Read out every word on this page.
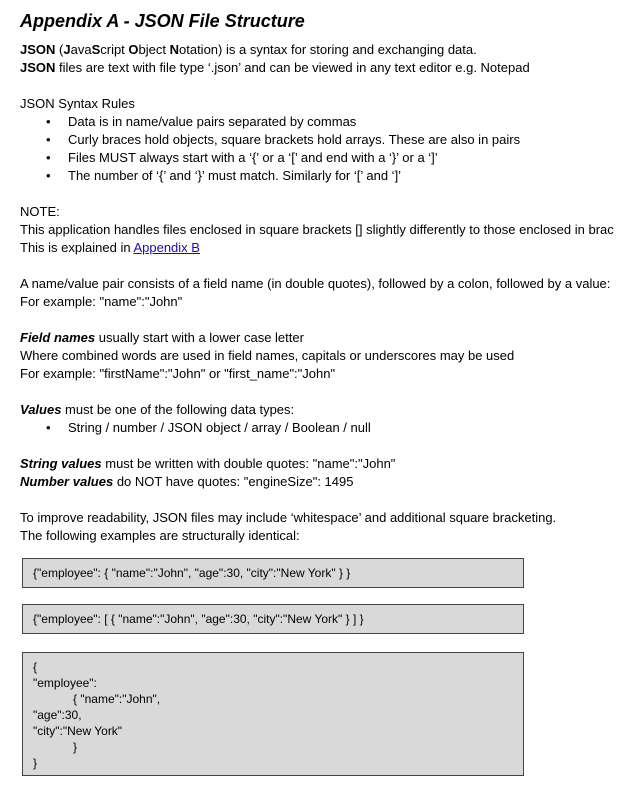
Appendix A - JSON File Structure
JSON (JavaScript Object Notation) is a syntax for storing and exchanging data.
JSON files are text with file type ‘.json’ and can be viewed in any text editor e.g. Notepad
JSON Syntax Rules
• Data is in name/value pairs separated by commas
• Curly braces hold objects, square brackets hold arrays. These are also in pairs
• Files MUST always start with a ‘{’ or a ‘[’ and end with a ‘}’ or a ‘]’
• The number of ‘{’ and ‘}’ must match. Similarly for ‘[’ and ‘]’
NOTE:
This application handles files enclosed in square brackets [] slightly differently to those enclosed in brac
This is explained in Appendix B
A name/value pair consists of a field name (in double quotes), followed by a colon, followed by a value:
For example: "name":"John"
Field names usually start with a lower case letter
Where combined words are used in field names, capitals or underscores may be used
For example: "firstName":"John" or "first_name":"John"
Values must be one of the following data types:
• String / number / JSON object / array / Boolean / null
String values must be written with double quotes: "name":"John"
Number values do NOT have quotes: "engineSize": 1495
To improve readability, JSON files may include ‘whitespace’ and additional square bracketing.
The following examples are structurally identical:
{"employee": { "name":"John", "age":30, "city":"New York" } }
{"employee": [ { "name":"John", "age":30, "city":"New York" } ] }
{
"employee":
{ "name":"John",
"age":30,
"city":"New York"
}
}
